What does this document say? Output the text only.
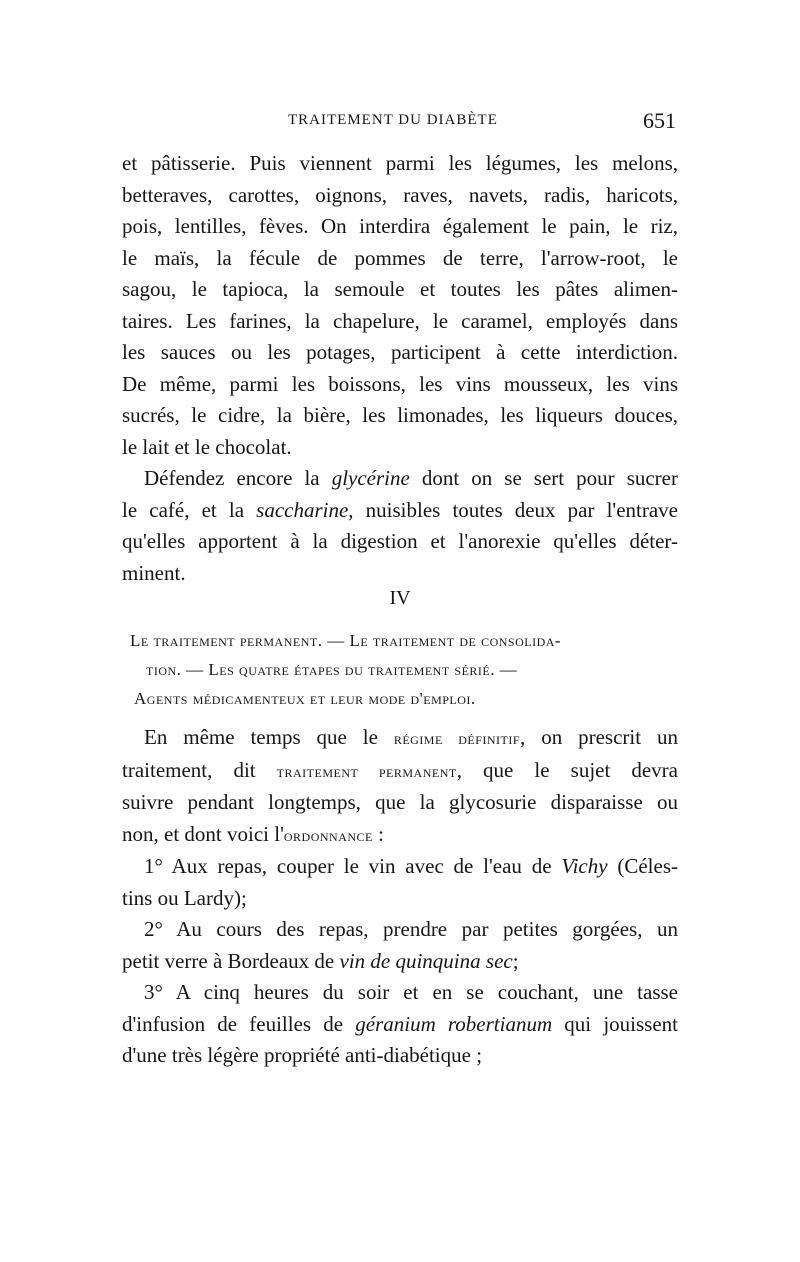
TRAITEMENT DU DIABÈTE	651
et pâtisserie. Puis viennent parmi les légumes, les melons,
betteraves, carottes, oignons, raves, navets, radis, haricots,
pois, lentilles, fèves. On interdira également le pain, le riz,
le maïs, la fécule de pommes de terre, l'arrow-root, le
sagou, le tapioca, la semoule et toutes les pâtes alimen-
taires. Les farines, la chapelure, le caramel, employés dans
les sauces ou les potages, participent à cette interdiction.
De même, parmi les boissons, les vins mousseux, les vins
sucrés, le cidre, la bière, les limonades, les liqueurs douces,
le lait et le chocolat.
Défendez encore la glycérine dont on se sert pour sucrer
le café, et la saccharine, nuisibles toutes deux par l'entrave
qu'elles apportent à la digestion et l'anorexie qu'elles déter-
minent.
IV
Le traitement permanent. — Le traitement de consolida-
tion. — Les quatre étapes du traitement sérié. —
Agents médicamenteux et leur mode d'emploi.
En même temps que le régime définitif, on prescrit un
traitement, dit traitement permanent, que le sujet devra
suivre pendant longtemps, que la glycosurie disparaisse ou
non, et dont voici l'ordonnance :
1° Aux repas, couper le vin avec de l'eau de Vichy (Céles-
tins ou Lardy);
2° Au cours des repas, prendre par petites gorgées, un
petit verre à Bordeaux de vin de quinquina sec;
3° A cinq heures du soir et en se couchant, une tasse
d'infusion de feuilles de géranium robertianum qui jouissent
d'une très légère propriété anti-diabétique ;
